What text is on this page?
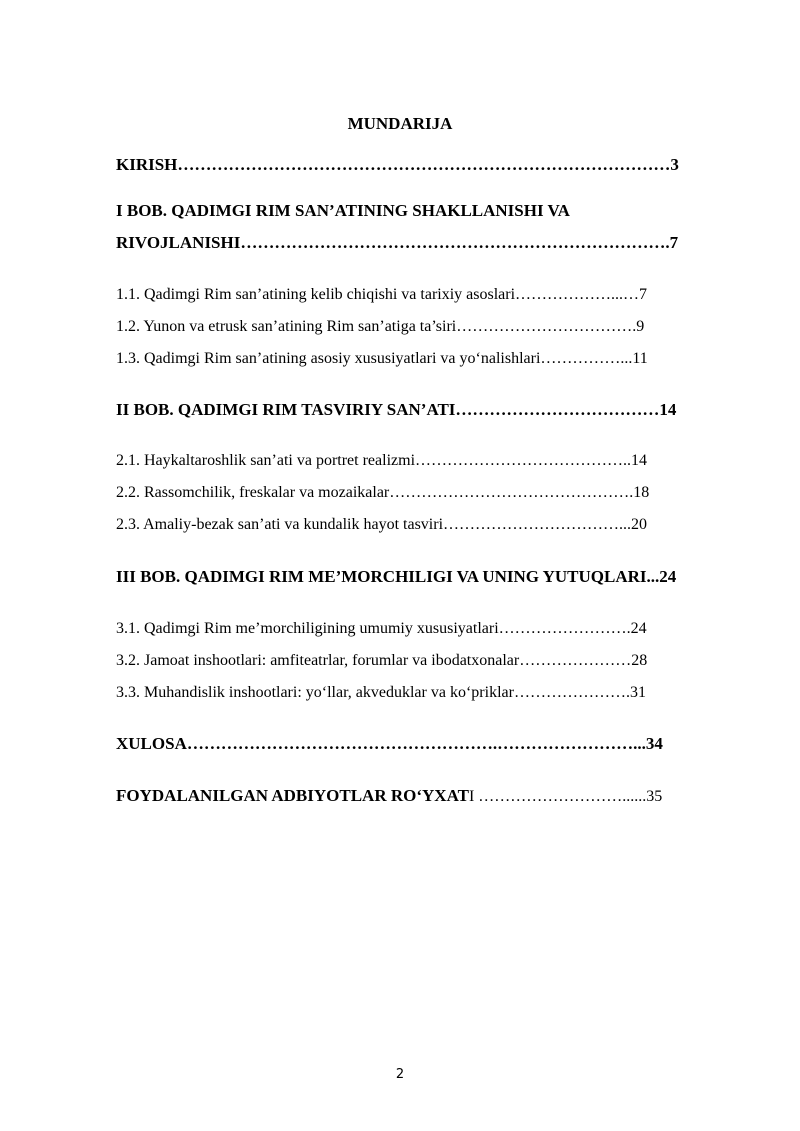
MUNDARIJA
KIRISH……………………………………………………………………………3
I BOB. QADIMGI RIM SAN’ATINING SHAKLLANISHI VA
RIVOJLANISHI………………………………………………………………….7
1.1. Qadimgi Rim san’atining kelib chiqishi va tarixiy asoslari………………...…7
1.2. Yunon va etrusk san’atining Rim san’atiga ta’siri…………………………….9
1.3. Qadimgi Rim san’atining asosiy xususiyatlari va yo‘nalishlari……………...11
II BOB. QADIMGI RIM TASVIRIY SAN’ATI………………………………14
2.1. Haykaltaroshlik san’ati va portret realizmi…………………………………..14
2.2. Rassomchilik, freskalar va mozaikalar……………………………………….18
2.3. Amaliy-bezak san’ati va kundalik hayot tasviri……………………………...20
III BOB. QADIMGI RIM ME’MORCHILIGI VA UNING YUTUQLARI...24
3.1. Qadimgi Rim me’morchiligining umumiy xususiyatlari…………………….24
3.2. Jamoat inshootlari: amfiteatrlar, forumlar va ibodatxonalar…………………28
3.3. Muhandislik inshootlari: yo‘llar, akveduklar va ko‘priklar………………….31
XULOSA……………………………………………….……………………...34
FOYDALANILGAN ADBIYOTLAR RO‘YXATI ………………………......35
2
